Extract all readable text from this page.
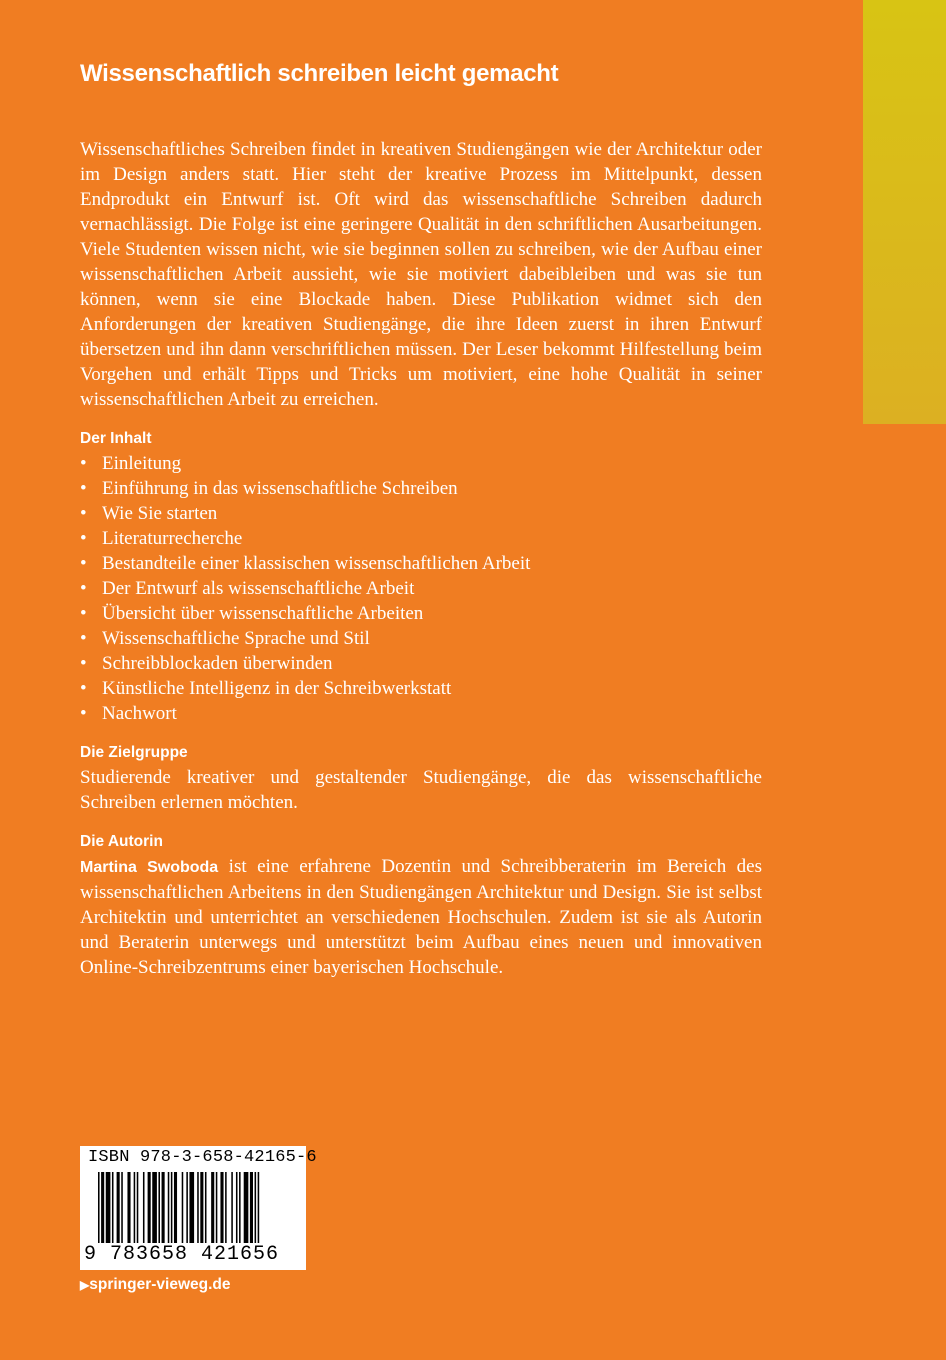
Wissenschaftlich schreiben leicht gemacht

Wissenschaftliches Schreiben findet in kreativen Studiengängen wie der Architektur oder im Design anders statt. Hier steht der kreative Prozess im Mittelpunkt, dessen Endprodukt ein Entwurf ist. Oft wird das wissenschaftliche Schreiben dadurch vernachlässigt. Die Folge ist eine geringere Qualität in den schriftlichen Ausarbeitungen. Viele Studenten wissen nicht, wie sie beginnen sollen zu schreiben, wie der Aufbau einer wissenschaftlichen Arbeit aussieht, wie sie motiviert dabeibleiben und was sie tun können, wenn sie eine Blockade haben. Diese Publikation widmet sich den Anforderungen der kreativen Studiengänge, die ihre Ideen zuerst in ihren Entwurf übersetzen und ihn dann verschriftlichen müssen. Der Leser bekommt Hilfestellung beim Vorgehen und erhält Tipps und Tricks um motiviert, eine hohe Qualität in seiner wissenschaftlichen Arbeit zu erreichen.

Der Inhalt
• Einleitung
• Einführung in das wissenschaftliche Schreiben
• Wie Sie starten
• Literaturrecherche
• Bestandteile einer klassischen wissenschaftlichen Arbeit
• Der Entwurf als wissenschaftliche Arbeit
• Übersicht über wissenschaftliche Arbeiten
• Wissenschaftliche Sprache und Stil
• Schreibblockaden überwinden
• Künstliche Intelligenz in der Schreibwerkstatt
• Nachwort
Die Zielgruppe

Studierende kreativer und gestaltender Studiengänge, die das wissenschaftliche Schreiben erlernen möchten.

Die Autorin

Martina Swoboda ist eine erfahrene Dozentin und Schreibberaterin im Bereich des wissenschaftlichen Arbeitens in den Studiengängen Architektur und Design. Sie ist selbst Architektin und unterrichtet an verschiedenen Hochschulen. Zudem ist sie als Autorin und Beraterin unterwegs und unterstützt beim Aufbau eines neuen und innovativen Online-Schreibzentrums einer bayerischen Hochschule.

ISBN 978-3-658-42165-6
9 783658 421656
▶springer-vieweg.de
